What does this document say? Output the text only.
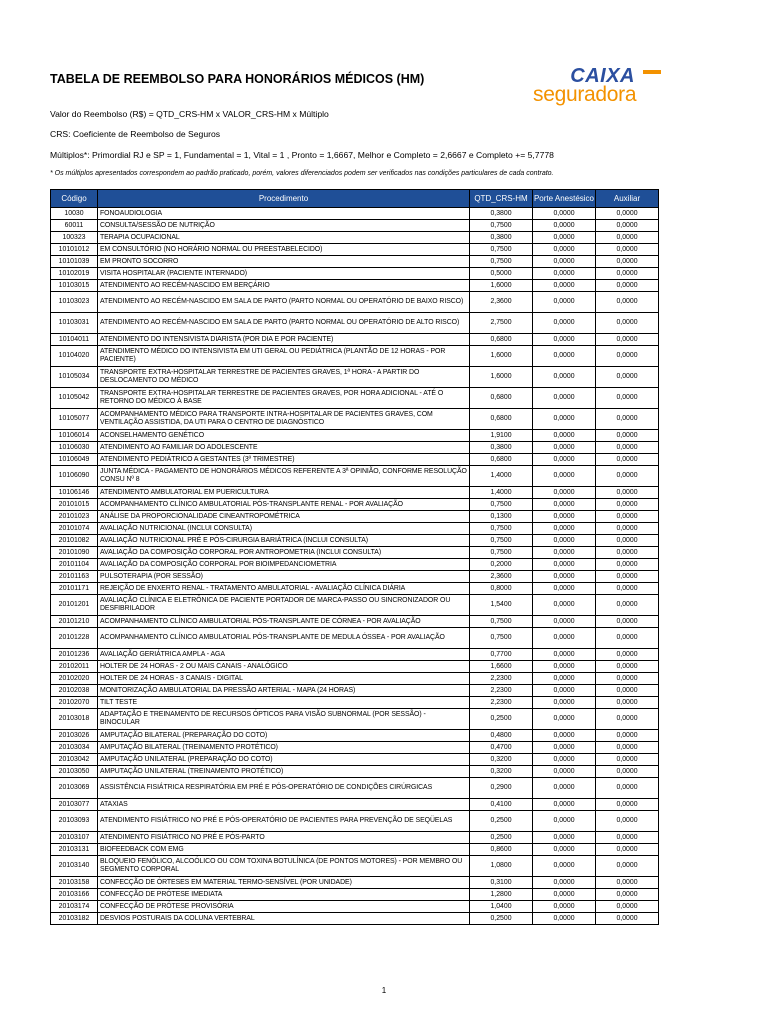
TABELA DE REEMBOLSO PARA HONORÁRIOS MÉDICOS (HM)	CAIXA
seguradora
Valor do Reembolso (R$) = QTD_CRS-HM x VALOR_CRS-HM x Múltiplo
CRS: Coeficiente de Reembolso de Seguros
Múltiplos*: Primordial RJ e SP = 1, Fundamental = 1, Vital = 1 , Pronto = 1,6667, Melhor e Completo = 2,6667 e Completo += 5,7778
* Os múltiplos apresentados correspondem ao padrão praticado, porém, valores diferenciados podem ser verificados nas condições particulares de cada contrato.
Código	Procedimento	QTD_CRS-HM	Porte Anestésico	Auxiliar
10030	FONOAUDIOLOGIA	0,3800	0,0000	0,0000
60011	CONSULTA/SESSÃO DE NUTRIÇÃO	0,7500	0,0000	0,0000
100323	TERAPIA OCUPACIONAL	0,3800	0,0000	0,0000
10101012	EM CONSULTÓRIO (NO HORÁRIO NORMAL OU PREESTABELECIDO)	0,7500	0,0000	0,0000
10101039	EM PRONTO SOCORRO	0,7500	0,0000	0,0000
10102019	VISITA HOSPITALAR (PACIENTE INTERNADO)	0,5000	0,0000	0,0000
10103015	ATENDIMENTO AO RECÉM-NASCIDO EM BERÇÁRIO	1,6000	0,0000	0,0000
10103023	ATENDIMENTO AO RECÉM-NASCIDO EM SALA DE PARTO (PARTO NORMAL OU OPERATÓRIO DE BAIXO RISCO)	2,3600	0,0000	0,0000
10103031	ATENDIMENTO AO RECÉM-NASCIDO EM SALA DE PARTO (PARTO NORMAL OU OPERATÓRIO DE ALTO RISCO)	2,7500	0,0000	0,0000
10104011	ATENDIMENTO DO INTENSIVISTA DIARISTA (POR DIA E POR PACIENTE)	0,6800	0,0000	0,0000
10104020	ATENDIMENTO MÉDICO DO INTENSIVISTA EM UTI GERAL OU PEDIÁTRICA (PLANTÃO DE 12 HORAS - POR PACIENTE)	1,6000	0,0000	0,0000
10105034	TRANSPORTE EXTRA-HOSPITALAR TERRESTRE DE PACIENTES GRAVES, 1ª HORA - A PARTIR DO DESLOCAMENTO DO MÉDICO	1,6000	0,0000	0,0000
10105042	TRANSPORTE EXTRA-HOSPITALAR TERRESTRE DE PACIENTES GRAVES, POR HORA ADICIONAL - ATÉ O RETORNO DO MÉDICO À BASE	0,6800	0,0000	0,0000
10105077	ACOMPANHAMENTO MÉDICO PARA TRANSPORTE INTRA-HOSPITALAR DE PACIENTES GRAVES, COM VENTILAÇÃO ASSISTIDA, DA UTI PARA O CENTRO DE DIAGNÓSTICO	0,6800	0,0000	0,0000
10106014	ACONSELHAMENTO GENÉTICO	1,9100	0,0000	0,0000
10106030	ATENDIMENTO AO FAMILIAR DO ADOLESCENTE	0,3800	0,0000	0,0000
10106049	ATENDIMENTO PEDIÁTRICO A GESTANTES (3º TRIMESTRE)	0,6800	0,0000	0,0000
10106090	JUNTA MÉDICA - PAGAMENTO DE HONORÁRIOS MÉDICOS REFERENTE A 3ª OPINIÃO, CONFORME RESOLUÇÃO CONSU Nº 8	1,4000	0,0000	0,0000
10106146	ATENDIMENTO AMBULATORIAL EM PUERICULTURA	1,4000	0,0000	0,0000
20101015	ACOMPANHAMENTO CLÍNICO AMBULATORIAL PÓS-TRANSPLANTE RENAL - POR AVALIAÇÃO	0,7500	0,0000	0,0000
20101023	ANÁLISE DA PROPORCIONALIDADE CINEANTROPOMÉTRICA	0,1300	0,0000	0,0000
20101074	AVALIAÇÃO NUTRICIONAL (INCLUI CONSULTA)	0,7500	0,0000	0,0000
20101082	AVALIAÇÃO NUTRICIONAL PRÉ E PÓS-CIRURGIA BARIÁTRICA (INCLUI CONSULTA)	0,7500	0,0000	0,0000
20101090	AVALIAÇÃO DA COMPOSIÇÃO CORPORAL POR ANTROPOMETRIA (INCLUI CONSULTA)	0,7500	0,0000	0,0000
20101104	AVALIAÇÃO DA COMPOSIÇÃO CORPORAL POR BIOIMPEDANCIOMETRIA	0,2000	0,0000	0,0000
20101163	PULSOTERAPIA (POR SESSÃO)	2,3600	0,0000	0,0000
20101171	REJEIÇÃO DE ENXERTO RENAL - TRATAMENTO AMBULATORIAL - AVALIAÇÃO CLÍNICA DIÁRIA	0,8000	0,0000	0,0000
20101201	AVALIAÇÃO CLÍNICA E ELETRÔNICA DE PACIENTE PORTADOR DE MARCA-PASSO OU SINCRONIZADOR OU DESFIBRILADOR	1,5400	0,0000	0,0000
20101210	ACOMPANHAMENTO CLÍNICO AMBULATORIAL PÓS-TRANSPLANTE DE CÓRNEA - POR AVALIAÇÃO	0,7500	0,0000	0,0000
20101228	ACOMPANHAMENTO CLÍNICO AMBULATORIAL PÓS-TRANSPLANTE DE MEDULA ÓSSEA - POR AVALIAÇÃO	0,7500	0,0000	0,0000
20101236	AVALIAÇÃO GERIÁTRICA AMPLA - AGA	0,7700	0,0000	0,0000
20102011	HOLTER DE 24 HORAS - 2 OU MAIS CANAIS - ANALÓGICO	1,6600	0,0000	0,0000
20102020	HOLTER DE 24 HORAS - 3 CANAIS - DIGITAL	2,2300	0,0000	0,0000
20102038	MONITORIZAÇÃO AMBULATORIAL DA PRESSÃO ARTERIAL - MAPA (24 HORAS)	2,2300	0,0000	0,0000
20102070	TILT TESTE	2,2300	0,0000	0,0000
20103018	ADAPTAÇÃO E TREINAMENTO DE RECURSOS ÓPTICOS PARA VISÃO SUBNORMAL (POR SESSÃO) - BINOCULAR	0,2500	0,0000	0,0000
20103026	AMPUTAÇÃO BILATERAL (PREPARAÇÃO DO COTO)	0,4800	0,0000	0,0000
20103034	AMPUTAÇÃO BILATERAL (TREINAMENTO PROTÉTICO)	0,4700	0,0000	0,0000
20103042	AMPUTAÇÃO UNILATERAL (PREPARAÇÃO DO COTO)	0,3200	0,0000	0,0000
20103050	AMPUTAÇÃO UNILATERAL (TREINAMENTO PROTÉTICO)	0,3200	0,0000	0,0000
20103069	ASSISTÊNCIA FISIÁTRICA RESPIRATÓRIA EM PRÉ E PÓS-OPERATÓRIO DE CONDIÇÕES CIRÚRGICAS	0,2900	0,0000	0,0000
20103077	ATAXIAS	0,4100	0,0000	0,0000
20103093	ATENDIMENTO FISIÁTRICO NO PRÉ E PÓS-OPERATÓRIO DE PACIENTES PARA PREVENÇÃO DE SEQÜELAS	0,2500	0,0000	0,0000
20103107	ATENDIMENTO FISIÁTRICO NO PRÉ E PÓS-PARTO	0,2500	0,0000	0,0000
20103131	BIOFEEDBACK COM EMG	0,8600	0,0000	0,0000
20103140	BLOQUEIO FENÓLICO, ALCOÓLICO OU COM TOXINA BOTULÍNICA (DE PONTOS MOTORES) - POR MEMBRO OU SEGMENTO CORPORAL	1,0800	0,0000	0,0000
20103158	CONFECÇÃO DE ÓRTESES EM MATERIAL TERMO-SENSÍVEL (POR UNIDADE)	0,3100	0,0000	0,0000
20103166	CONFECÇÃO DE PRÓTESE IMEDIATA	1,2800	0,0000	0,0000
20103174	CONFECÇÃO DE PRÓTESE PROVISÓRIA	1,0400	0,0000	0,0000
20103182	DESVIOS POSTURAIS DA COLUNA VERTEBRAL	0,2500	0,0000	0,0000
1
